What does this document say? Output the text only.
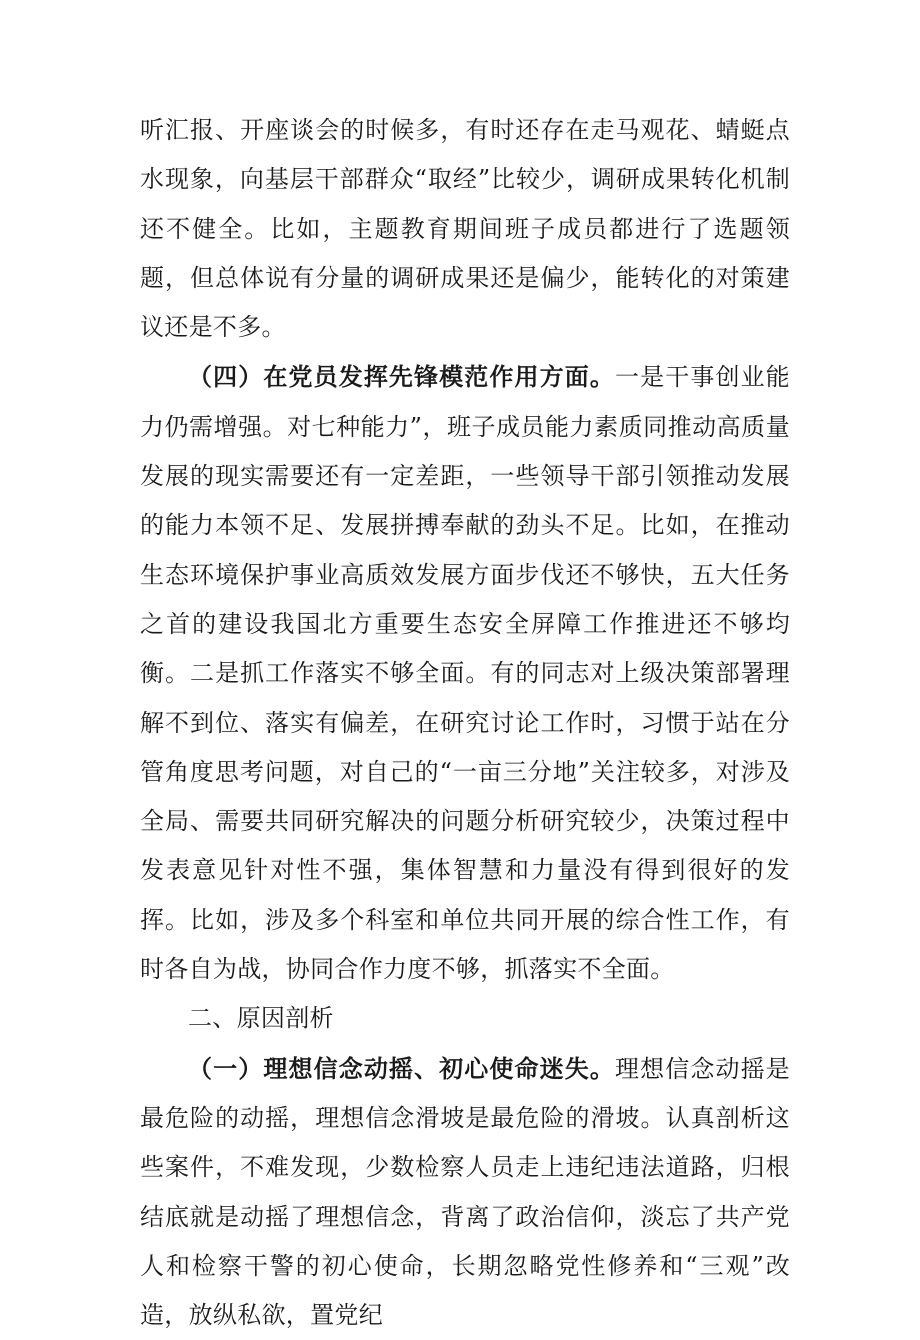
听汇报、开座谈会的时候多，有时还存在走马观花、蜻蜓点水现象，向基层干部群众“取经”比较少，调研成果转化机制还不健全。比如，主题教育期间班子成员都进行了选题领题，但总体说有分量的调研成果还是偏少，能转化的对策建议还是不多。

（四）在党员发挥先锋模范作用方面。一是干事创业能力仍需增强。对七种能力”，班子成员能力素质同推动高质量发展的现实需要还有一定差距，一些领导干部引领推动发展的能力本领不足、发展拼搏奉献的劲头不足。比如，在推动生态环境保护事业高质效发展方面步伐还不够快，五大任务之首的建设我国北方重要生态安全屏障工作推进还不够均衡。二是抓工作落实不够全面。有的同志对上级决策部署理解不到位、落实有偏差，在研究讨论工作时，习惯于站在分管角度思考问题，对自己的“一亩三分地”关注较多，对涉及全局、需要共同研究解决的问题分析研究较少，决策过程中发表意见针对性不强，集体智慧和力量没有得到很好的发挥。比如，涉及多个科室和单位共同开展的综合性工作，有时各自为战，协同合作力度不够，抓落实不全面。

二、原因剖析

（一）理想信念动摇、初心使命迷失。理想信念动摇是最危险的动摇，理想信念滑坡是最危险的滑坡。认真剖析这些案件，不难发现，少数检察人员走上违纪违法道路，归根结底就是动摇了理想信念，背离了政治信仰，淡忘了共产党人和检察干警的初心使命，长期忽略党性修养和“三观”改造，放纵私欲，置党纪
